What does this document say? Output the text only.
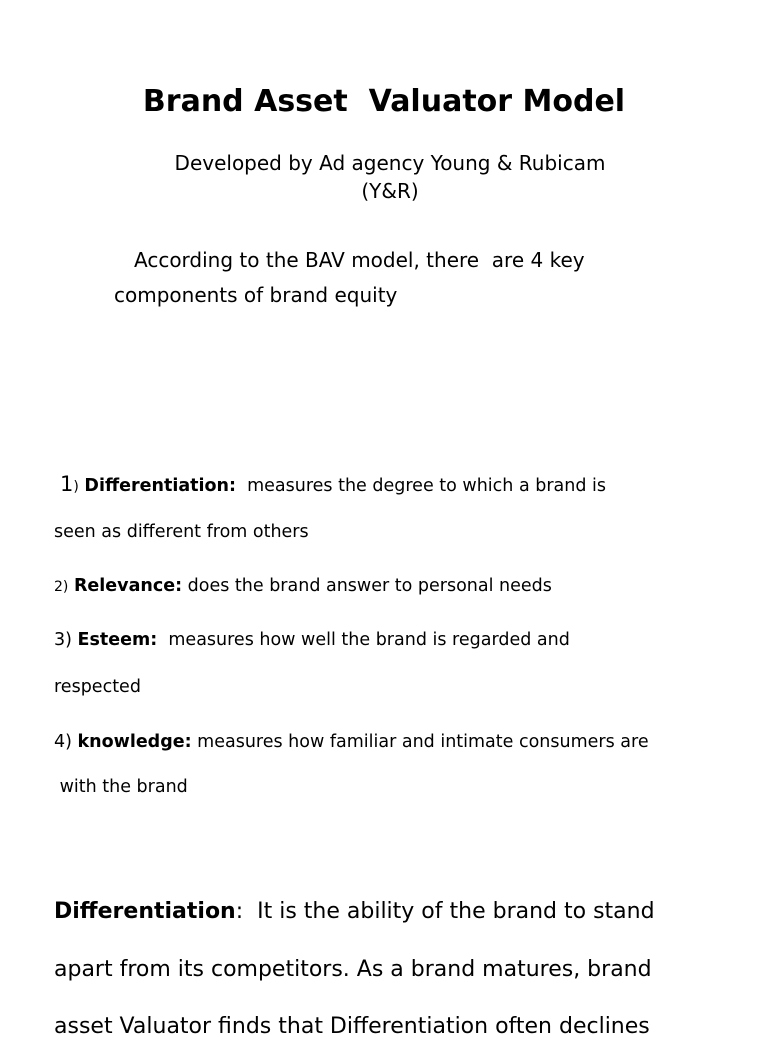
Brand Asset  Valuator Model
Developed by Ad agency Young & Rubicam
(Y&R)
According to the BAV model, there  are 4 key
components of brand equity
1) Differentiation:  measures the degree to which a brand is
seen as different from others
2) Relevance: does the brand answer to personal needs
3) Esteem:  measures how well the brand is regarded and
respected
4) knowledge: measures how familiar and intimate consumers are
with the brand
Differentiation:  It is the ability of the brand to stand
apart from its competitors. As a brand matures, brand
asset Valuator finds that Differentiation often declines
